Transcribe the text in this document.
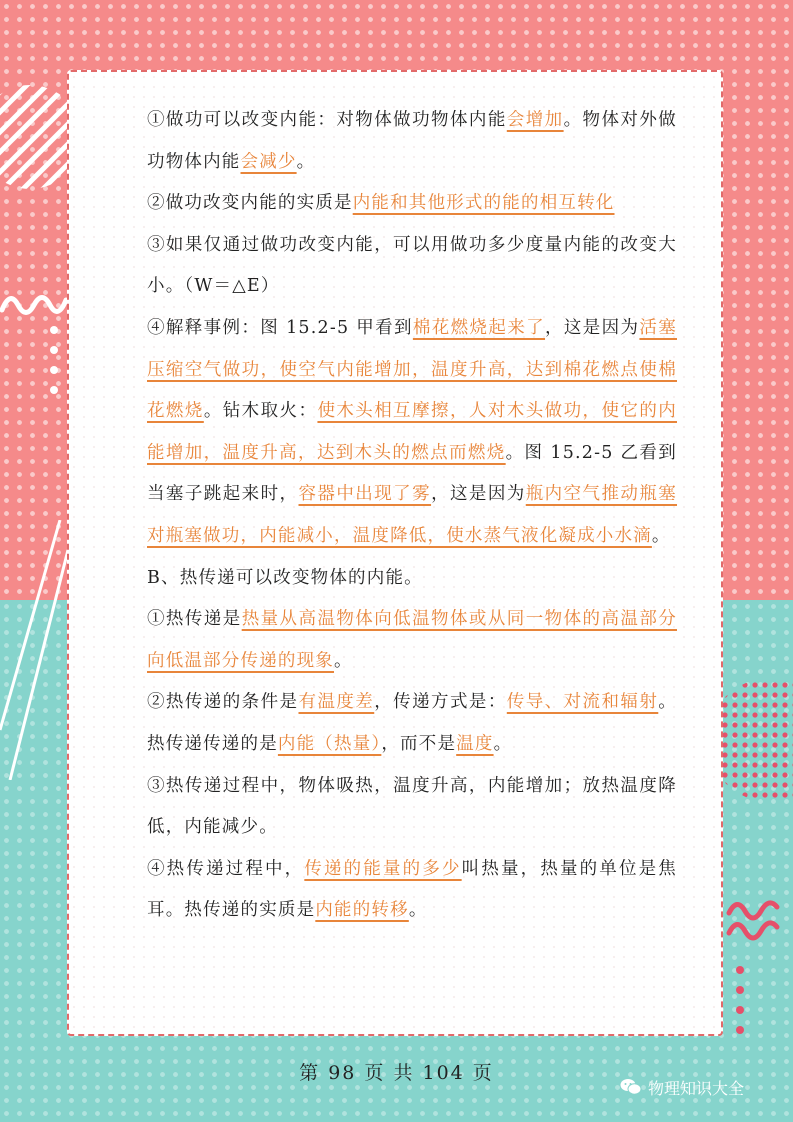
①做功可以改变内能：对物体做功物体内能会增加。物体对外做功物体内能会减少。

②做功改变内能的实质是内能和其他形式的能的相互转化

③如果仅通过做功改变内能，可以用做功多少度量内能的改变大小。（W＝△E）

④解释事例：图 15.2-5 甲看到棉花燃烧起来了，这是因为活塞压缩空气做功，使空气内能增加，温度升高，达到棉花燃点使棉花燃烧。钻木取火：使木头相互摩擦，人对木头做功，使它的内能增加，温度升高，达到木头的燃点而燃烧。图 15.2-5 乙看到当塞子跳起来时，容器中出现了雾，这是因为瓶内空气推动瓶塞对瓶塞做功，内能减小，温度降低，使水蒸气液化凝成小水滴。

B、热传递可以改变物体的内能。

①热传递是热量从高温物体向低温物体或从同一物体的高温部分向低温部分传递的现象。

②热传递的条件是有温度差，传递方式是：传导、对流和辐射。热传递传递的是内能（热量），而不是温度。

③热传递过程中，物体吸热，温度升高，内能增加；放热温度降低，内能减少。

④热传递过程中，传递的能量的多少叫热量，热量的单位是焦耳。热传递的实质是内能的转移。

第 98 页 共 104 页
物理知识大全
